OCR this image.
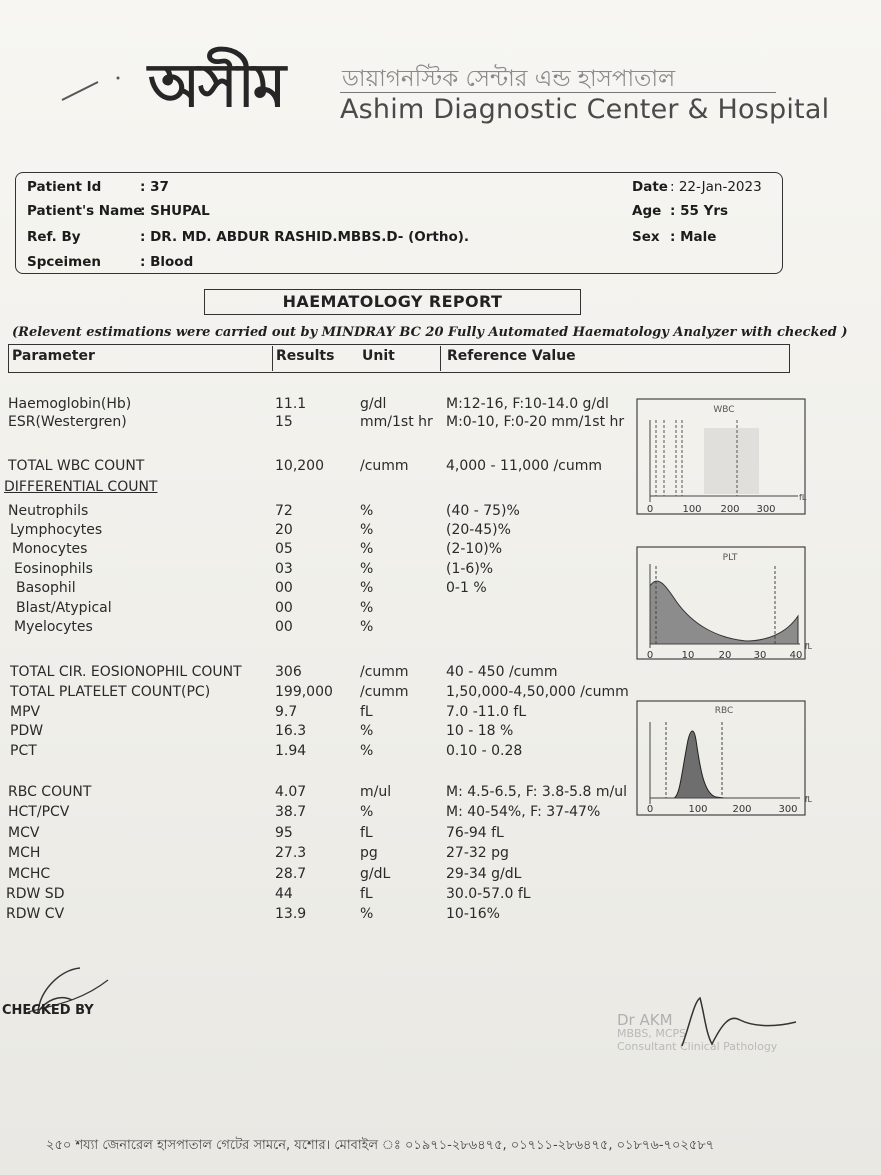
অসীম	ডায়াগনস্টিক সেন্টার এন্ড হাসপাতাল
Ashim Diagnostic Center & Hospital
Patient Id	: 37
Patient's Name
: SHUPAL
Ref. By	: DR. MD. ABDUR RASHID.MBBS.D- (Ortho).
Spceimen	: Blood
Date : 22-Jan-2023
Age : 55 Yrs
Sex : Male
HAEMATOLOGY REPORT
(Relevent estimations were carried out by MINDRAY BC 20 Fully Automated Haematology Analyzer with checked )
Parameter	Results Unit	Reference Value
Haemoglobin(Hb)	11.1	g/dl	M:12-16, F:10-14.0 g/dl
ESR(Westergren)	15	mm/1st hr M:0-10, F:0-20 mm/1st hr
TOTAL WBC COUNT	10,200	/cumm	4,000 - 11,000 /cumm
DIFFERENTIAL COUNT
Neutrophils	72	%	(40 - 75)%
Lymphocytes	20	%	(20-45)%
Monocytes	05	%	(2-10)%
Eosinophils	03	%	(1-6)%
Basophil	00	%	0-1 %
Blast/Atypical	00	%
Myelocytes	00	%
TOTAL CIR. EOSIONOPHIL COUNT 306	/cumm	40 - 450 /cumm
TOTAL PLATELET COUNT(PC)	199,000 /cumm	1,50,000-4,50,000 /cumm
MPV	9.7	fL	7.0 -11.0 fL
PDW	16.3	%	10 - 18 %
PCT	1.94	%	0.10 - 0.28
RBC COUNT	4.07	m/ul	M: 4.5-6.5, F: 3.8-5.8 m/ul
HCT/PCV	38.7	%	M: 40-54%, F: 37-47%
MCV	95	fL	76-94 fL
MCH	27.3	pg	27-32 pg
MCHC	28.7	g/dL	29-34 g/dL
RDW SD	44	fL	30.0-57.0 fL
RDW CV	13.9	%	10-16%
WBC
fL
0	100 200 300
PLT
fL
0	10 20 30 40
RBC
fL
0	100 200	300
CHECKED BY
Dr AKM
MBBS, MCPS
Consultant Clinical Pathology
২৫০ শয্যা জেনারেল হাসপাতাল গেটের সামনে, যশোর। মোবাইল ঃ ০১৯৭১-২৮৬৪৭৫, ০১৭১১-২৮৬৪৭৫, ০১৮৭৬-৭০২৫৮৭
